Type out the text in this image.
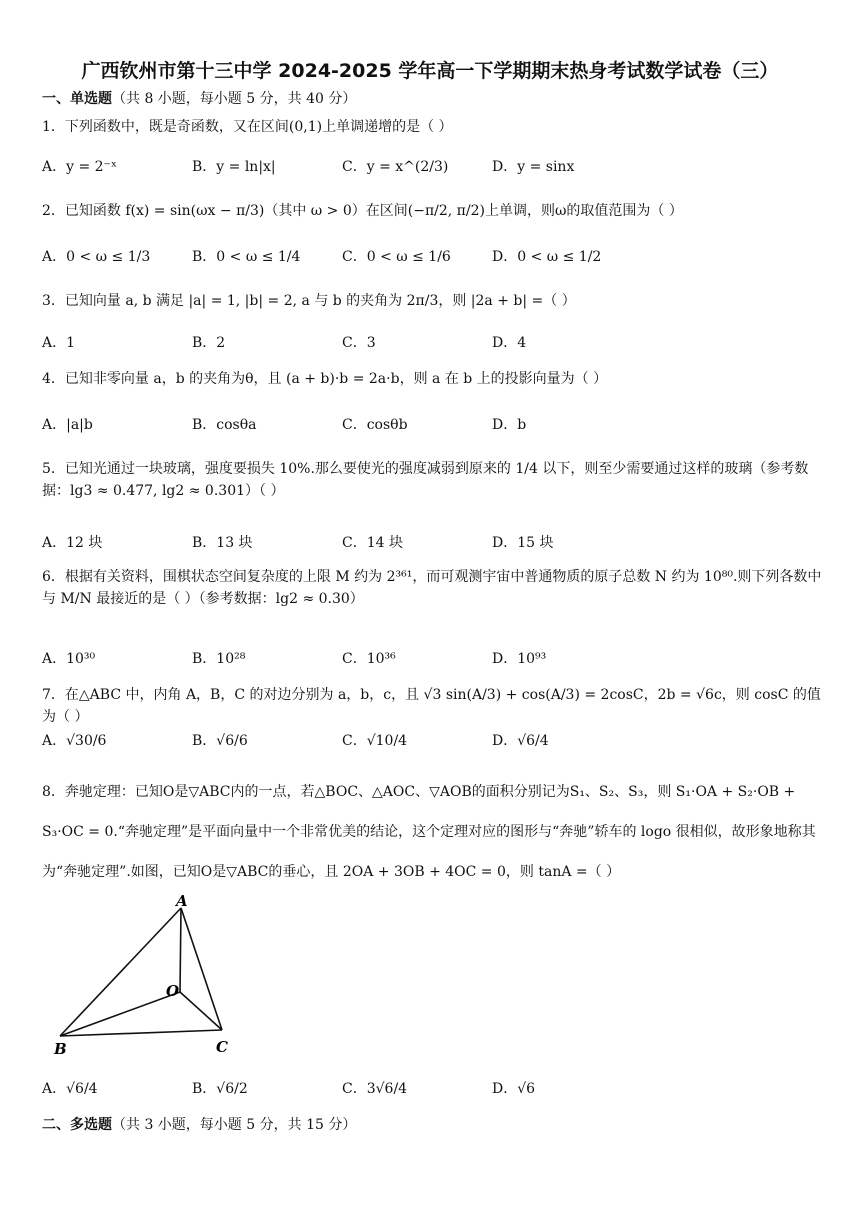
广西钦州市第十三中学 2024-2025 学年高一下学期期末热身考试数学试卷（三）
一、单选题（共 8 小题，每小题 5 分，共 40 分）
1．下列函数中，既是奇函数，又在区间(0,1)上单调递增的是（ ）
A．y = 2⁻ˣ	B．y = ln|x|	C．y = x^(2/3)	D．y = sinx
2．已知函数 f(x) = sin(ωx − π/3)（其中 ω > 0）在区间(−π/2, π/2)上单调，则ω的取值范围为（ ）
A．0 < ω ≤ 1/3	B．0 < ω ≤ 1/4	C．0 < ω ≤ 1/6	D．0 < ω ≤ 1/2
3．已知向量 a, b 满足 |a| = 1, |b| = 2, a 与 b 的夹角为 2π/3，则 |2a + b| =（ ）
A．1	B．2	C．3	D．4
4．已知非零向量 a，b 的夹角为θ，且 (a + b)·b = 2a·b，则 a 在 b 上的投影向量为（ ）
A．|a|b	B．cosθa	C．cosθb	D．b
5．已知光通过一块玻璃，强度要损失 10%.那么要使光的强度减弱到原来的 1/4 以下，则至少需要通过这样的玻璃（参考数据：lg3 ≈ 0.477, lg2 ≈ 0.301）（ ）
A．12 块	B．13 块	C．14 块	D．15 块
6．根据有关资料，围棋状态空间复杂度的上限 M 约为 2³⁶¹，而可观测宇宙中普通物质的原子总数 N 约为 10⁸⁰.则下列各数中与 M/N 最接近的是（ ）（参考数据：lg2 ≈ 0.30）
A．10³⁰	B．10²⁸	C．10³⁶	D．10⁹³
7．在△ABC 中，内角 A，B，C 的对边分别为 a，b，c，且 √3 sin(A/3) + cos(A/3) = 2cosC，2b = √6c，则 cosC 的值为（ ）
A．√30/6	B．√6/6	C．√10/4	D．√6/4
8．奔驰定理：已知O是▽ABC内的一点，若△BOC、△AOC、▽AOB的面积分别记为S₁、S₂、S₃，则 S₁·OA + S₂·OB + S₃·OC = 0.“奔驰定理”是平面向量中一个非常优美的结论，这个定理对应的图形与“奔驰”轿车的 logo 很相似，故形象地称其为“奔驰定理”.如图，已知O是▽ABC的垂心，且 2OA + 3OB + 4OC = 0，则 tanA =（ ）
A
O
B	C
A．√6/4	B．√6/2	C．3√6/4	D．√6
二、多选题（共 3 小题，每小题 5 分，共 15 分）
